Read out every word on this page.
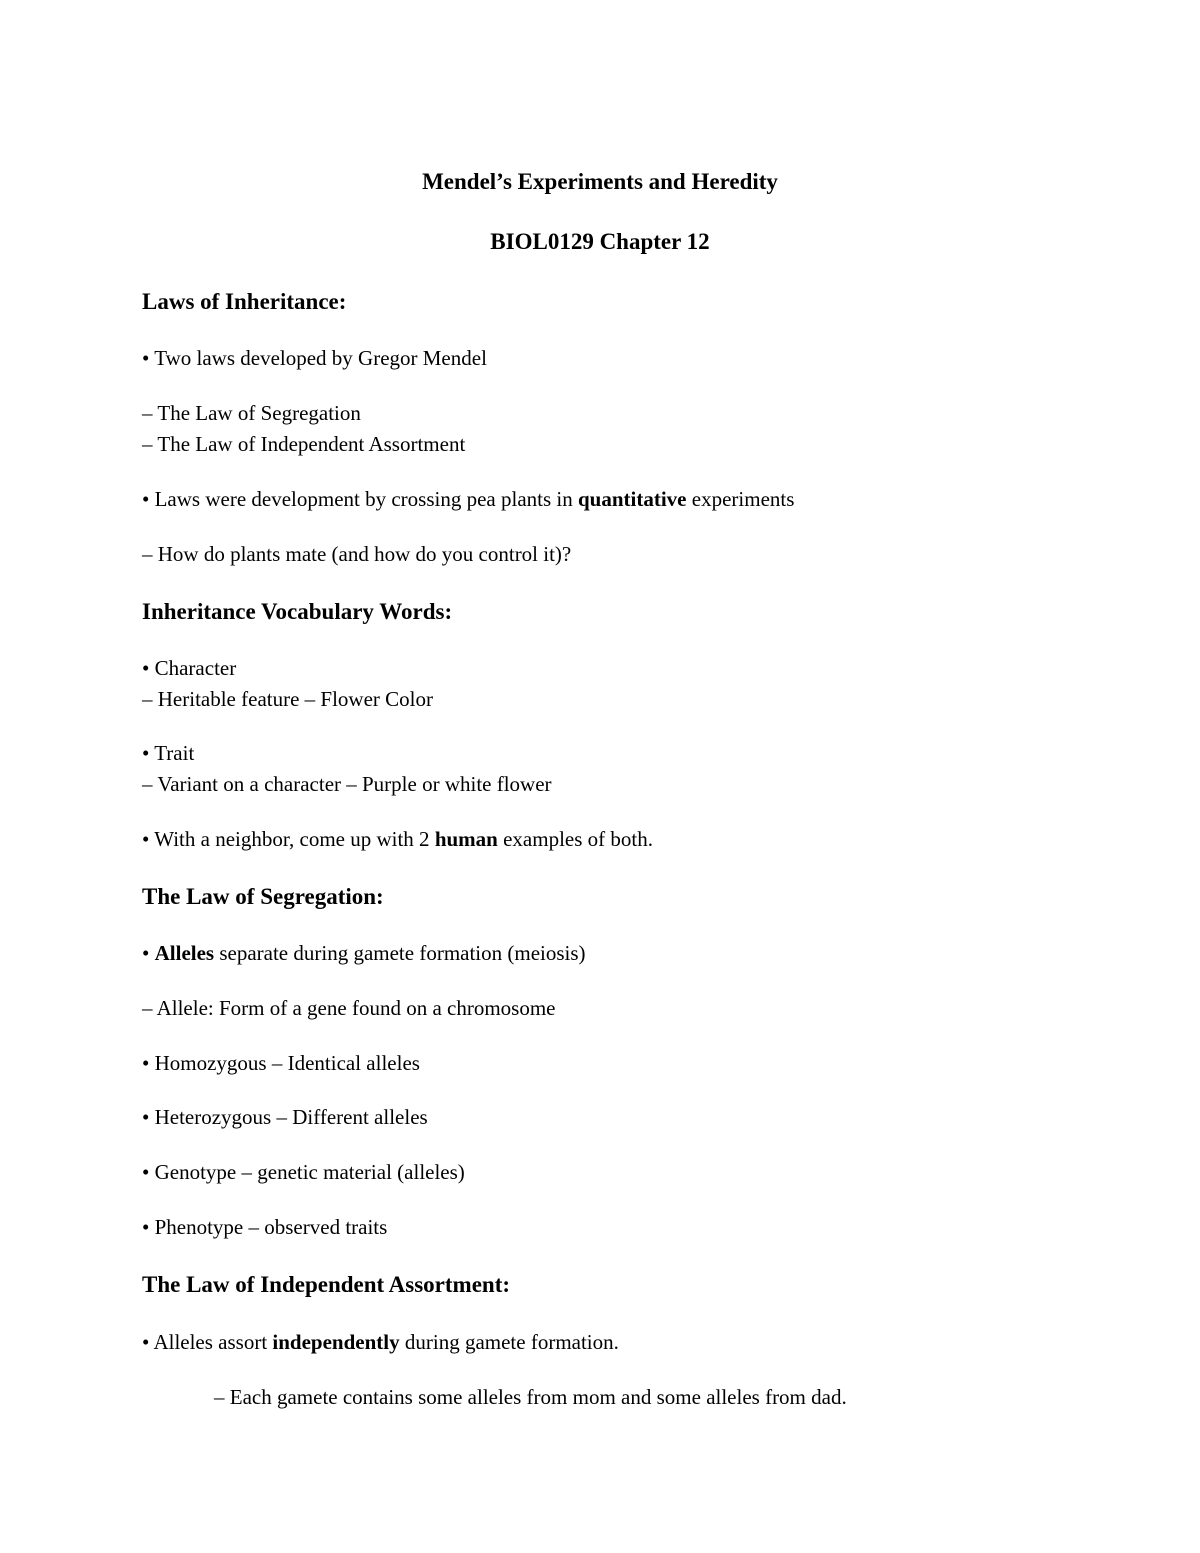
Mendel’s Experiments and Heredity
BIOL0129 Chapter 12
Laws of Inheritance:
• Two laws developed by Gregor Mendel
– The Law of Segregation
– The Law of Independent Assortment
• Laws were development by crossing pea plants in quantitative experiments
– How do plants mate (and how do you control it)?
Inheritance Vocabulary Words:
• Character
– Heritable feature – Flower Color
• Trait
– Variant on a character – Purple or white flower
• With a neighbor, come up with 2 human examples of both.
The Law of Segregation:
• Alleles separate during gamete formation (meiosis)
– Allele: Form of a gene found on a chromosome
• Homozygous – Identical alleles
• Heterozygous – Different alleles
• Genotype – genetic material (alleles)
• Phenotype – observed traits
The Law of Independent Assortment:
• Alleles assort independently during gamete formation.
– Each gamete contains some alleles from mom and some alleles from dad.
